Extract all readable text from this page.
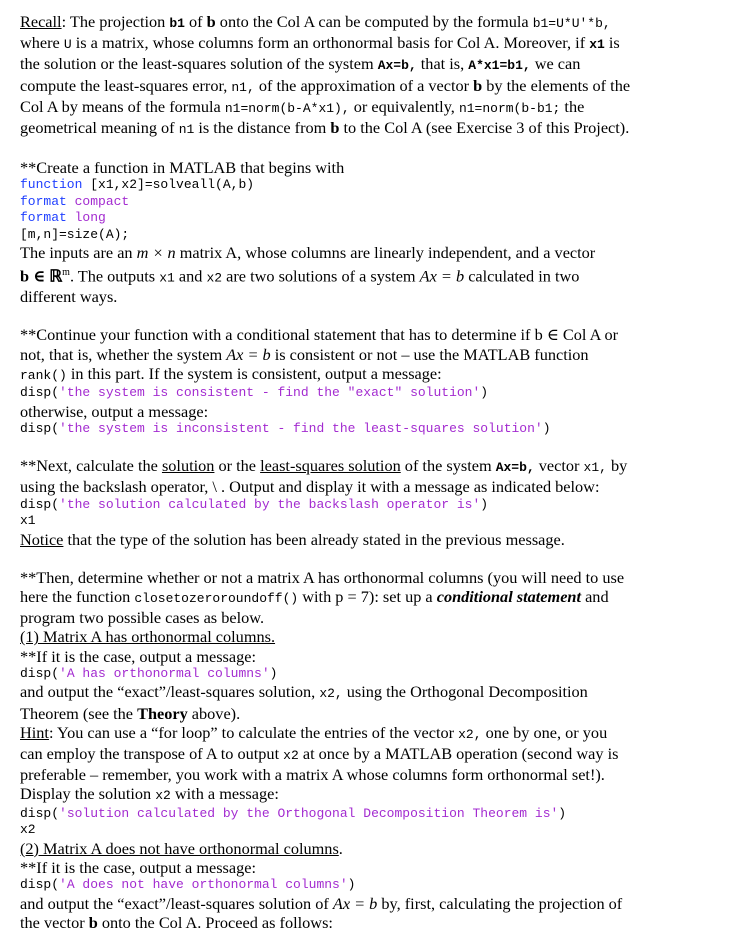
Recall: The projection b1 of b onto the Col A can be computed by the formula b1=U*U'*b,

where U is a matrix, whose columns form an orthonormal basis for Col A. Moreover, if x1 is

the solution or the least-squares solution of the system Ax=b, that is, A*x1=b1, we can

compute the least-squares error, n1, of the approximation of a vector b by the elements of the

Col A by means of the formula n1=norm(b-A*x1), or equivalently, n1=norm(b-b1; the

geometrical meaning of n1 is the distance from b to the Col A (see Exercise 3 of this Project).

**Create a function in MATLAB that begins with

function [x1,x2]=solveall(A,b)
format compact
format long
[m,n]=size(A);

The inputs are an m × n matrix A, whose columns are linearly independent, and a vector

b ∈ ℝ$^m$. The outputs x1 and x2 are two solutions of a system Ax = b calculated in two

different ways.

**Continue your function with a conditional statement that has to determine if b ∈ Col A or

not, that is, whether the system Ax = b is consistent or not – use the MATLAB function

rank() in this part. If the system is consistent, output a message:

disp('the system is consistent - find the "exact" solution')

otherwise, output a message:

disp('the system is inconsistent - find the least-squares solution')

**Next, calculate the solution or the least-squares solution of the system Ax=b, vector x1, by

using the backslash operator, \ . Output and display it with a message as indicated below:

disp('the solution calculated by the backslash operator is')
x1

Notice that the type of the solution has been already stated in the previous message.

**Then, determine whether or not a matrix A has orthonormal columns (you will need to use

here the function closetozeroroundoff() with p = 7): set up a conditional statement and

program two possible cases as below.

(1) Matrix A has orthonormal columns.

**If it is the case, output a message:

disp('A has orthonormal columns')

and output the “exact”/least-squares solution, x2, using the Orthogonal Decomposition

Theorem (see the Theory above).

Hint: You can use a “for loop” to calculate the entries of the vector x2, one by one, or you

can employ the transpose of A to output x2 at once by a MATLAB operation (second way is

preferable – remember, you work with a matrix A whose columns form orthonormal set!).

Display the solution x2 with a message:

disp('solution calculated by the Orthogonal Decomposition Theorem is')
x2

(2) Matrix A does not have orthonormal columns.

**If it is the case, output a message:

disp('A does not have orthonormal columns')

and output the “exact”/least-squares solution of Ax = b by, first, calculating the projection of

the vector b onto the Col A. Proceed as follows:
